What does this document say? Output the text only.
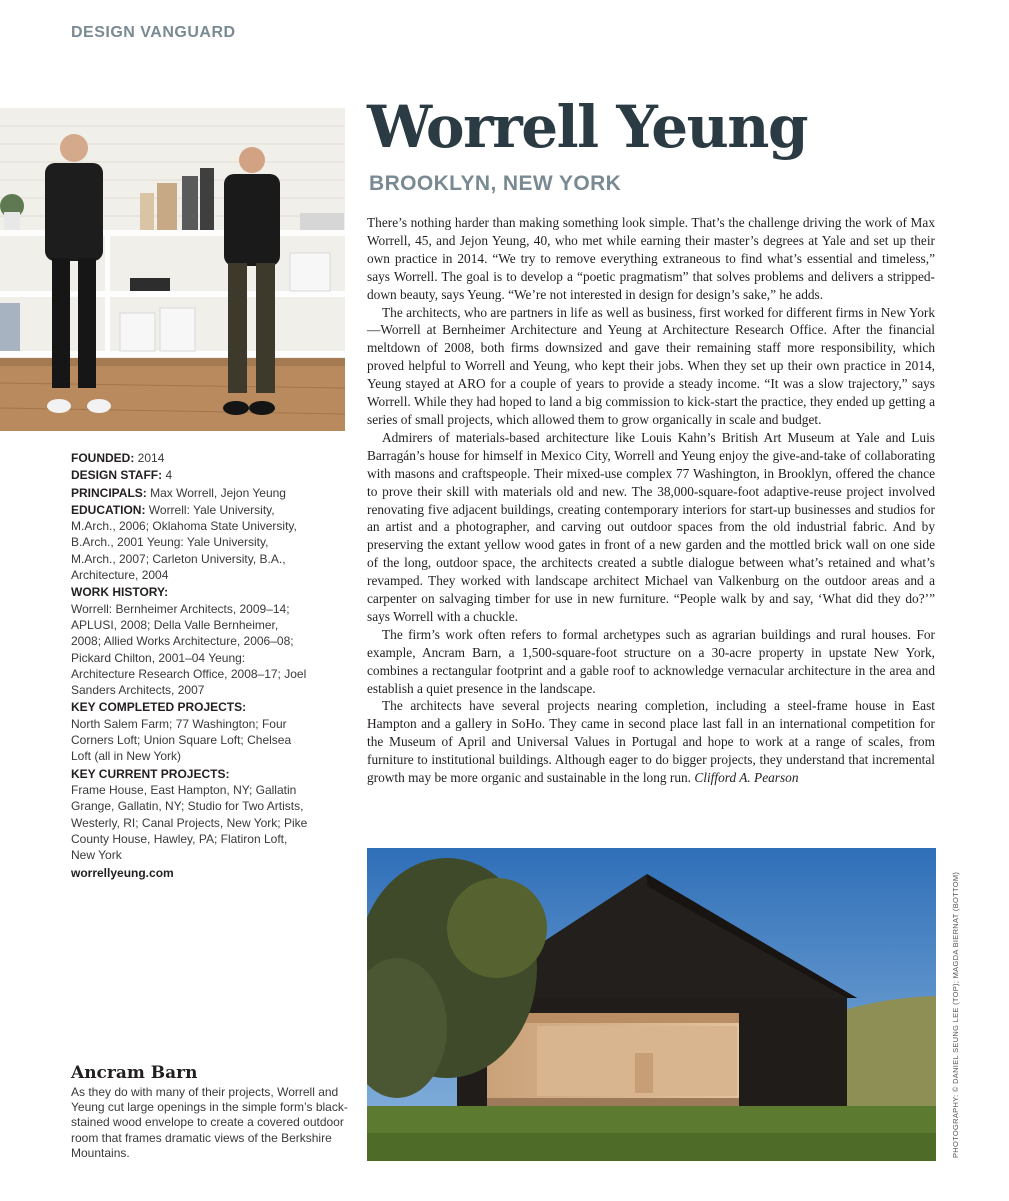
DESIGN VANGUARD
Worrell Yeung
BROOKLYN, NEW YORK

There’s nothing harder than making something look simple. That’s the challenge driving the work of Max Worrell, 45, and Jejon Yeung, 40, who met while earning their master’s degrees at Yale and set up their own practice in 2014. “We try to remove everything extraneous to find what’s essential and timeless,” says Worrell. The goal is to develop a “poetic pragmatism” that solves problems and delivers a stripped-down beauty, says Yeung. “We’re not interested in design for design’s sake,” he adds.

The architects, who are partners in life as well as business, first worked for different firms in New York—Worrell at Bernheimer Architecture and Yeung at Architecture Research Office. After the financial meltdown of 2008, both firms downsized and gave their remaining staff more responsibility, which proved helpful to Worrell and Yeung, who kept their jobs. When they set up their own practice in 2014, Yeung stayed at ARO for a couple of years to provide a steady income. “It was a slow trajectory,” says Worrell. While they had hoped to land a big commission to kick-start the practice, they ended up getting a series of small projects, which allowed them to grow organically in scale and budget.

Admirers of materials-based architecture like Louis Kahn’s British Art Museum at Yale and Luis Barragán’s house for himself in Mexico City, Worrell and Yeung enjoy the give-and-take of collaborating with masons and craftspeople. Their mixed-use complex 77 Washington, in Brooklyn, offered the chance to prove their skill with materials old and new. The 38,000-square-foot adaptive-reuse project involved renovating five adjacent buildings, creating contemporary interiors for start-up businesses and studios for an artist and a photographer, and carving out outdoor spaces from the old industrial fabric. And by preserving the extant yellow wood gates in front of a new garden and the mottled brick wall on one side of the long, outdoor space, the architects created a subtle dialogue between what’s retained and what’s revamped. They worked with landscape architect Michael van Valkenburg on the outdoor areas and a carpenter on salvaging timber for use in new furniture. “People walk by and say, ‘What did they do?’” says Worrell with a chuckle.

The firm’s work often refers to formal archetypes such as agrarian buildings and rural houses. For example, Ancram Barn, a 1,500-square-foot structure on a 30-acre property in upstate New York, combines a rectangular footprint and a gable roof to acknowledge vernacular architecture in the area and establish a quiet presence in the landscape.

The architects have several projects nearing completion, including a steel-frame house in East Hampton and a gallery in SoHo. They came in second place last fall in an international competition for the Museum of April and Universal Values in Portugal and hope to work at a range of scales, from furniture to institutional buildings. Although eager to do bigger projects, they understand that incremental growth may be more organic and sustainable in the long run. Clifford A. Pearson

FOUNDED: 2014
DESIGN STAFF: 4
PRINCIPALS: Max Worrell, Jejon Yeung
EDUCATION: Worrell: Yale University, M.Arch., 2006; Oklahoma State University, B.Arch., 2001 Yeung: Yale University, M.Arch., 2007; Carleton University, B.A., Architecture, 2004
WORK HISTORY:
Worrell: Bernheimer Architects, 2009–14; APLUSI, 2008; Della Valle Bernheimer, 2008; Allied Works Architecture, 2006–08; Pickard Chilton, 2001–04 Yeung: Architecture Research Office, 2008–17; Joel Sanders Architects, 2007
KEY COMPLETED PROJECTS:
North Salem Farm; 77 Washington; Four Corners Loft; Union Square Loft; Chelsea Loft (all in New York)
KEY CURRENT PROJECTS:
Frame House, East Hampton, NY; Gallatin Grange, Gallatin, NY; Studio for Two Artists, Westerly, RI; Canal Projects, New York; Pike County House, Hawley, PA; Flatiron Loft, New York
worrellyeung.com
Ancram Barn
As they do with many of their projects, Worrell and Yeung cut large openings in the simple form’s black-stained wood envelope to create a covered outdoor room that frames dramatic views of the Berkshire Mountains.	PHOTOGRAPHY: © DANIEL SEUNG LEE (TOP); MAGDA BIERNAT (BOTTOM)
